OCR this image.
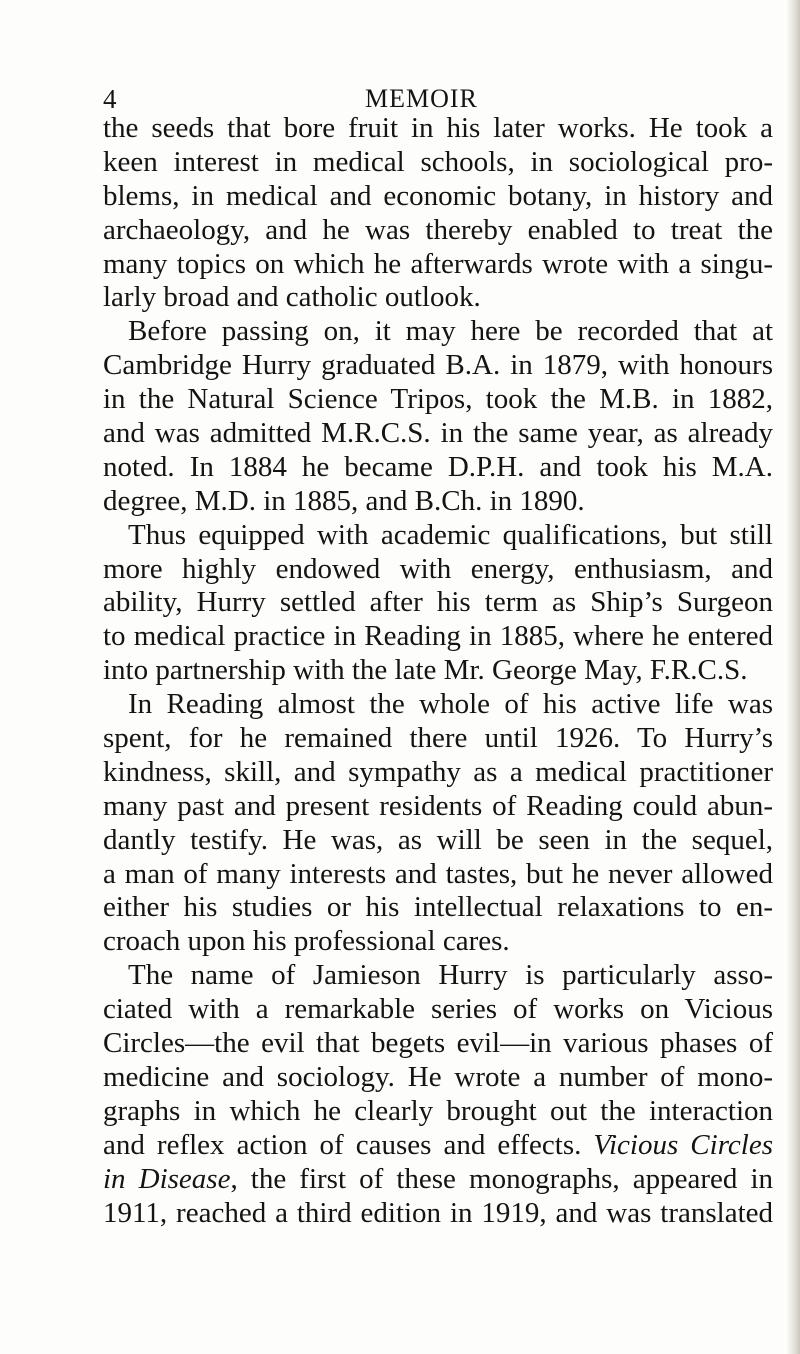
4	MEMOIR
the seeds that bore fruit in his later works. He took a
keen interest in medical schools, in sociological pro-
blems, in medical and economic botany, in history and
archaeology, and he was thereby enabled to treat the
many topics on which he afterwards wrote with a singu-
larly broad and catholic outlook.
Before passing on, it may here be recorded that at
Cambridge Hurry graduated B.A. in 1879, with honours
in the Natural Science Tripos, took the M.B. in 1882,
and was admitted M.R.C.S. in the same year, as already
noted. In 1884 he became D.P.H. and took his M.A.
degree, M.D. in 1885, and B.Ch. in 1890.
Thus equipped with academic qualifications, but still
more highly endowed with energy, enthusiasm, and
ability, Hurry settled after his term as Ship’s Surgeon
to medical practice in Reading in 1885, where he entered
into partnership with the late Mr. George May, F.R.C.S.
In Reading almost the whole of his active life was
spent, for he remained there until 1926. To Hurry’s
kindness, skill, and sympathy as a medical practitioner
many past and present residents of Reading could abun-
dantly testify. He was, as will be seen in the sequel,
a man of many interests and tastes, but he never allowed
either his studies or his intellectual relaxations to en-
croach upon his professional cares.
The name of Jamieson Hurry is particularly asso-
ciated with a remarkable series of works on Vicious
Circles—the evil that begets evil—in various phases of
medicine and sociology. He wrote a number of mono-
graphs in which he clearly brought out the interaction
and reflex action of causes and effects. Vicious Circles
in Disease, the first of these monographs, appeared in
1911, reached a third edition in 1919, and was translated
